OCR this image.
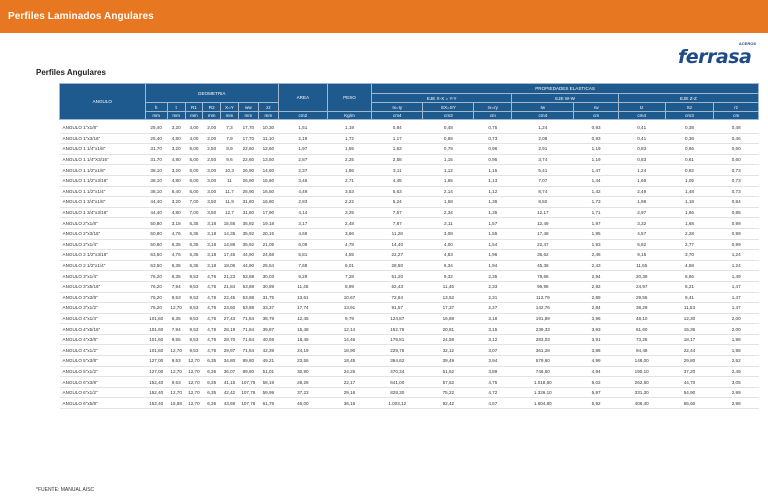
Perfiles Laminados Angulares
ferrasa
ACEROS
Perfiles Angulares
ANGULO	GEOMETRIA							AREA	PESO	PROPIEDADES ELASTICAS							
										EJE X-X = Y-Y			EJE W-W		EJE Z-Z		
	h	t	R1	R2	X=Y	ww	zz			Ix=Iy	SX=SY	rx=ry	Iw	rw	Iz	Sz	rz
	mm	mm	mm	mm	mm	mm	mm	cm2	Kg/m	cm4	cm3	cm	cm4	cm	cm4	cm3	cm
ANGULO 1"x1/8"	25,40	3,20	4,00	2,00	7,3	17,70	10,30	1,51	1,19	0,84	0,48	0,75	1,24	0,93	0,41	0,38	0,48
ANGULO 1"x3/16"	25,40	4,80	4,00	2,00	7,9	17,70	11,10	2,19	1,72	1,17	0,68	0,73	2,08	0,93	0,41	0,36	0,46
ANGULO 1 1/4"x1/8"	31,70	3,20	5,00	2,50	8,9	22,60	12,60	1,97	1,55	1,83	0,79	0,96	2,91	1,19	0,83	0,66	0,60
ANGULO 1 1/4"X3/16"	31,70	4,80	5,00	2,50	9,6	22,60	13,50	2,87	2,25	2,58	1,15	0,95	3,74	1,19	0,83	0,61	0,60
ANGULO 1 1/2"x1/8"	38,10	3,20	6,00	3,00	10,3	26,90	14,60	2,37	1,86	3,11	1,12	1,15	5,41	1,47	1,24	0,82	0,73
ANGULO 1 1/2"x3/16"	38,10	4,80	6,00	3,00	11	26,90	15,60	3,46	2,71	4,45	1,65	1,13	7,07	1,44	1,66	1,05	0,73
ANGULO 1 1/2"x1/4"	38,10	6,40	6,00	3,00	11,7	26,90	16,50	4,49	3,53	5,63	2,14	1,12	8,74	1,42	2,49	1,48	0,73
ANGULO 1 3/4"x1/8"	44,40	3,20	7,00	3,50	11,9	31,80	16,80	2,83	2,22	5,24	1,58	1,36	8,50	1,73	1,98	1,18	0,84
ANGULO 1 3/4"x3/16"	44,40	4,80	7,00	3,50	12,7	31,80	17,90	4,14	3,25	7,57	2,34	1,35	12,17	1,71	2,97	1,66	0,85
ANGULO 2"x1/8"	50,80	3,18	6,35	3,18	15,56	35,92	19,18	3,17	2,48	7,87	2,11	1,57	12,49	1,97	3,32	1,68	0,99
ANGULO 2"x3/16"	50,80	4,76	6,35	3,18	14,35	35,92	20,15	4,66	3,66	11,28	3,08	1,55	17,48	1,95	4,57	2,28	0,99
ANGULO 2"x1/4"	50,80	6,35	6,35	3,18	14,88	35,92	21,05	6,09	4,78	14,40	4,00	1,54	22,47	1,93	5,82	2,77	0,99
ANGULO 2 1/2"x3/16"	63,50	4,76	6,35	3,18	17,45	44,90	24,68	5,81	4,55	22,27	4,83	1,96	36,62	2,46	9,15	3,70	1,24
ANGULO 2 1/2"x1/4"	63,50	6,35	6,35	3,18	18,06	44,90	25,54	7,68	6,01	28,80	6,34	1,94	45,36	2,43	11,65	4,58	1,24
ANGULO 3"x1/4"	76,20	6,35	9,53	4,76	21,23	53,88	30,03	9,29	7,28	51,20	9,32	2,35	78,66	2,94	20,39	6,86	1,49
ANGULO 3"x5/16"	76,20	7,94	9,53	4,76	21,84	53,88	30,89	11,48	8,99	62,43	11,45	2,33	96,98	2,92	24,97	8,21	1,47
ANGULO 3"x3/8"	76,20	9,53	9,53	4,76	22,45	53,88	31,75	13,61	10,67	72,84	13,52	2,31	112,79	2,89	29,55	9,41	1,47
ANGULO 3"x1/2"	76,20	12,70	9,53	4,76	23,60	53,88	33,37	17,74	13,91	91,57	17,37	2,27	142,76	2,84	38,29	11,53	1,47
ANGULO 4"x1/4"	101,60	6,35	9,53	4,76	27,43	71,84	38,79	12,45	9,79	124,87	16,88	3,18	191,89	3,96	48,10	12,30	2,00
ANGULO 4"x5/16"	101,60	7,94	9,53	4,76	28,19	71,84	39,87	15,48	12,14	152,76	20,81	3,15	239,33	3,93	61,60	15,36	2,00
ANGULO 4"x3/8"	101,60	9,55	9,53	4,76	28,70	71,84	40,59	18,45	14,46	179,81	24,58	3,12	283,03	3,91	73,25	18,17	1,98
ANGULO 4"x1/2"	101,60	12,70	9,53	4,76	29,97	71,84	42,39	24,19	18,90	229,76	32,12	3,07	361,28	3,86	94,48	22,44	1,98
ANGULO 5"x3/8"	127,00	9,53	12,70	6,35	34,80	89,80	49,21	23,55	18,45	364,62	39,49	3,94	579,60	4,99	148,00	29,80	2,52
ANGULO 5"x1/2"	127,00	12,70	12,70	6,35	36,07	89,80	51,01	30,90	24,25	470,34	51,62	3,89	746,50	4,94	190,10	37,20	2,49
ANGULO 6"x3/8"	152,40	9,53	12,70	6,35	41,15	107,76	58,19	28,26	22,17	641,00	57,52	4,75	1.018,60	6,02	262,60	44,70	3,05
ANGULO 6"x1/2"	152,40	12,70	12,70	6,35	42,42	107,76	59,99	37,23	29,16	828,30	75,22	4,72	1.326,10	5,97	331,30	54,90	2,99
ANGULO 6"x5/8"	152,40	15,88	12,70	6,35	43,69	107,76	61,78	46,00	36,16	1.003,12	92,42	4,67	1.604,80	5,92	406,40	65,60	2,98
*FUENTE: MANUAL AISC
